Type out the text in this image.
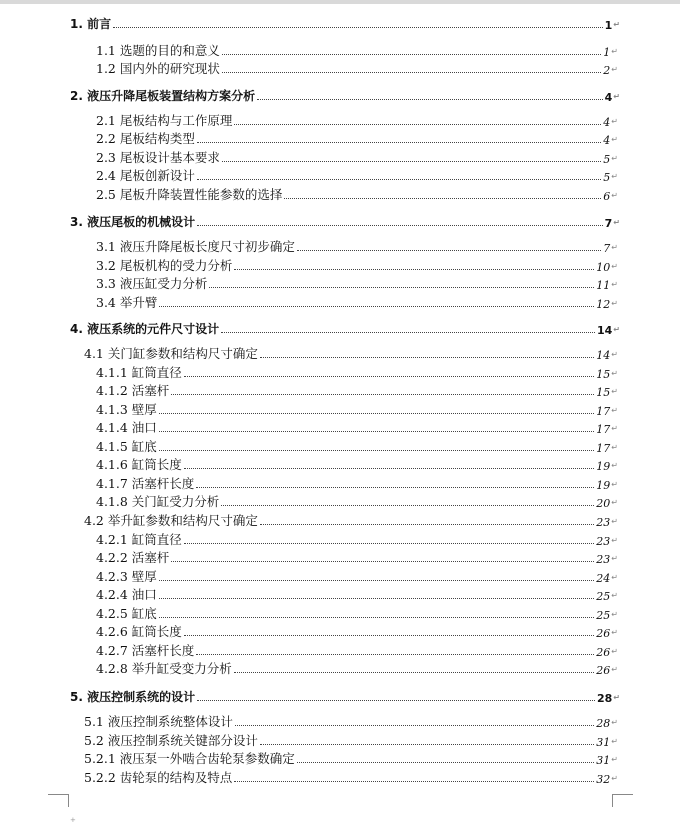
1. 前言	1 ↵
1.1 选题的目的和意义	1 ↵
1.2 国内外的研究现状	2 ↵
2. 液压升降尾板装置结构方案分析	4 ↵
2.1 尾板结构与工作原理	4 ↵
2.2 尾板结构类型	4 ↵
2.3 尾板设计基本要求	5 ↵
2.4 尾板创新设计	5 ↵
2.5 尾板升降装置性能参数的选择	6 ↵
3. 液压尾板的机械设计	7 ↵
3.1 液压升降尾板长度尺寸初步确定	7 ↵
3.2 尾板机构的受力分析	10 ↵
3.3 液压缸受力分析	11 ↵
3.4 举升臂	12 ↵
4. 液压系统的元件尺寸设计	14 ↵
4.1 关门缸参数和结构尺寸确定	14 ↵
4.1.1 缸筒直径	15 ↵
4.1.2 活塞杆	15 ↵
4.1.3 壁厚	17 ↵
4.1.4 油口	17 ↵
4.1.5 缸底	17 ↵
4.1.6 缸筒长度	19 ↵
4.1.7 活塞杆长度	19 ↵
4.1.8 关门缸受力分析	20 ↵
4.2 举升缸参数和结构尺寸确定	23 ↵
4.2.1 缸筒直径	23 ↵
4.2.2 活塞杆	23 ↵
4.2.3 壁厚	24 ↵
4.2.4 油口	25 ↵
4.2.5 缸底	25 ↵
4.2.6 缸筒长度	26 ↵
4.2.7 活塞杆长度	26 ↵
4.2.8 举升缸受变力分析	26 ↵
5. 液压控制系统的设计	28 ↵
5.1 液压控制系统整体设计	28 ↵
5.2 液压控制系统关键部分设计	31 ↵
5.2.1 液压泵一外啮合齿轮泵参数确定	31 ↵
5.2.2 齿轮泵的结构及特点	32 ↵
+
